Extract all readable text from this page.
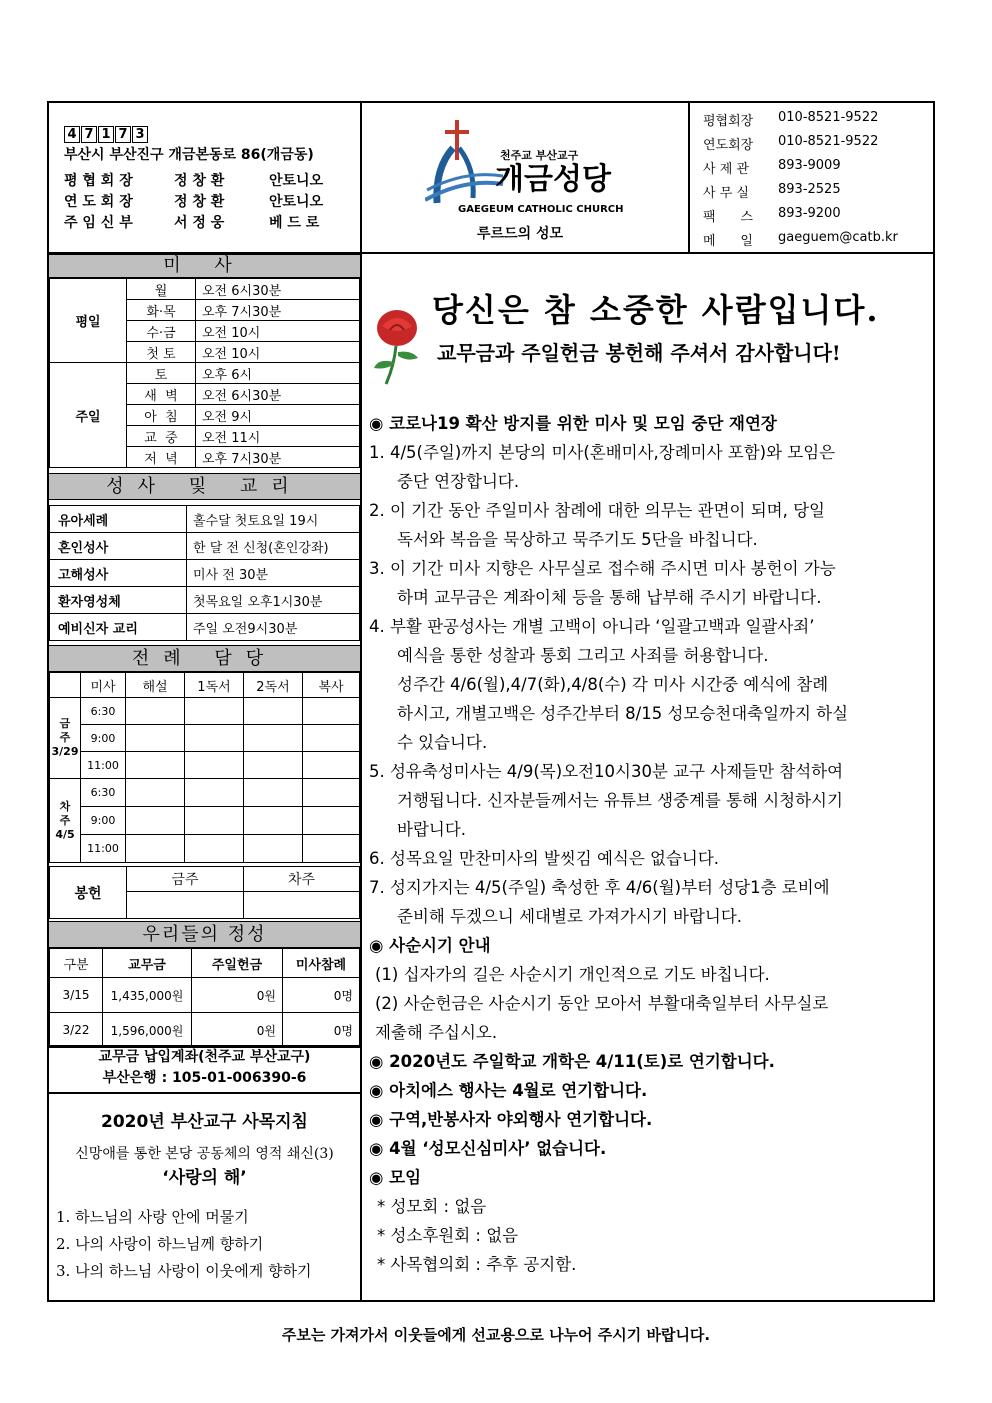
4 7 1 7 3
부산시 부산진구 개금본동로 86(개금동)
평 협 회 장	정 창 환	안토니오
연 도 회 장	정 창 환	안토니오
주 임 신 부	서 정 웅	베 드 로
천주교 부산교구
개금성당
GAEGEUM CATHOLIC CHURCH
루르드의 성모
평협회장	010-8521-9522
연도회장	010-8521-9522
사 제 관	893-9009
사 무 실	893-2525
팩      스	893-9200
메      일	gaeguem@catb.kr
미 사
평일	월	오전 6시30분
	화·목	오후 7시30분
	수·금	오전 10시
	첫 토	오전 10시
주일	토	오후 6시
	새  벽	오전 6시30분
	아  침	오전 9시
	교  중	오전 11시
	저  녁	오후 7시30분
성사 및 교리
유아세례	홀수달 첫토요일 19시
혼인성사	한 달 전 신청(혼인강좌)
고해성사	미사 전 30분
환자영성체	첫목요일 오후1시30분
예비신자 교리	주일 오전9시30분
전례 담당
	미사	해설	1독서	2독서	복사

금
주
3/29	6:30				
	9:00				
	11:00				

차
주
4/5	6:30				
	9:00				
	11:00				
봉헌	금주	차주

우리들의 정성
구분	교무금	주일헌금	미사참례
3/15	1,435,000원	0원	0명
3/22	1,596,000원	0원	0명
교무금 납입계좌(천주교 부산교구)
부산은행 : 105-01-006390-6
2020년 부산교구 사목지침
신망애를 통한 본당 공동체의 영적 쇄신(3)
‘사랑의 해’
1. 하느님의 사랑 안에 머물기
2. 나의 사랑이 하느님께 향하기
3. 나의 하느님 사랑이 이웃에게 향하기
당신은 참 소중한 사람입니다.
교무금과 주일헌금 봉헌해 주셔서 감사합니다!

◉ 코로나19 확산 방지를 위한 미사 및 모임 중단 재연장

1. 4/5(주일)까지 본당의 미사(혼배미사,장례미사 포함)와 모임은

중단 연장합니다.

2. 이 기간 동안 주일미사 참례에 대한 의무는 관면이 되며, 당일

독서와 복음을 묵상하고 묵주기도 5단을 바칩니다.

3. 이 기간 미사 지향은 사무실로 접수해 주시면 미사 봉헌이 가능

하며 교무금은 계좌이체 등을 통해 납부해 주시기 바랍니다.

4. 부활 판공성사는 개별 고백이 아니라 ‘일괄고백과 일괄사죄’

예식을 통한 성찰과 통회 그리고 사죄를 허용합니다.

성주간 4/6(월),4/7(화),4/8(수) 각 미사 시간중 예식에 참례

하시고, 개별고백은 성주간부터 8/15 성모승천대축일까지 하실

수 있습니다.

5. 성유축성미사는 4/9(목)오전10시30분 교구 사제들만 참석하여

거행됩니다. 신자분들께서는 유튜브 생중계를 통해 시청하시기

바랍니다.

6. 성목요일 만찬미사의 발씻김 예식은 없습니다.

7. 성지가지는 4/5(주일) 축성한 후 4/6(월)부터 성당1층 로비에

준비해 두겠으니 세대별로 가져가시기 바랍니다.

◉ 사순시기 안내

(1) 십자가의 길은 사순시기 개인적으로 기도 바칩니다.

(2) 사순헌금은 사순시기 동안 모아서 부활대축일부터 사무실로

제출해 주십시오.

◉ 2020년도 주일학교 개학은 4/11(토)로 연기합니다.

◉ 아치에스 행사는 4월로 연기합니다.

◉ 구역,반봉사자 야외행사 연기합니다.

◉ 4월 ‘성모신심미사’ 없습니다.

◉ 모임

* 성모회 : 없음

* 성소후원회 : 없음

* 사목협의회 : 추후 공지함.

주보는 가져가서 이웃들에게 선교용으로 나누어 주시기 바랍니다.
